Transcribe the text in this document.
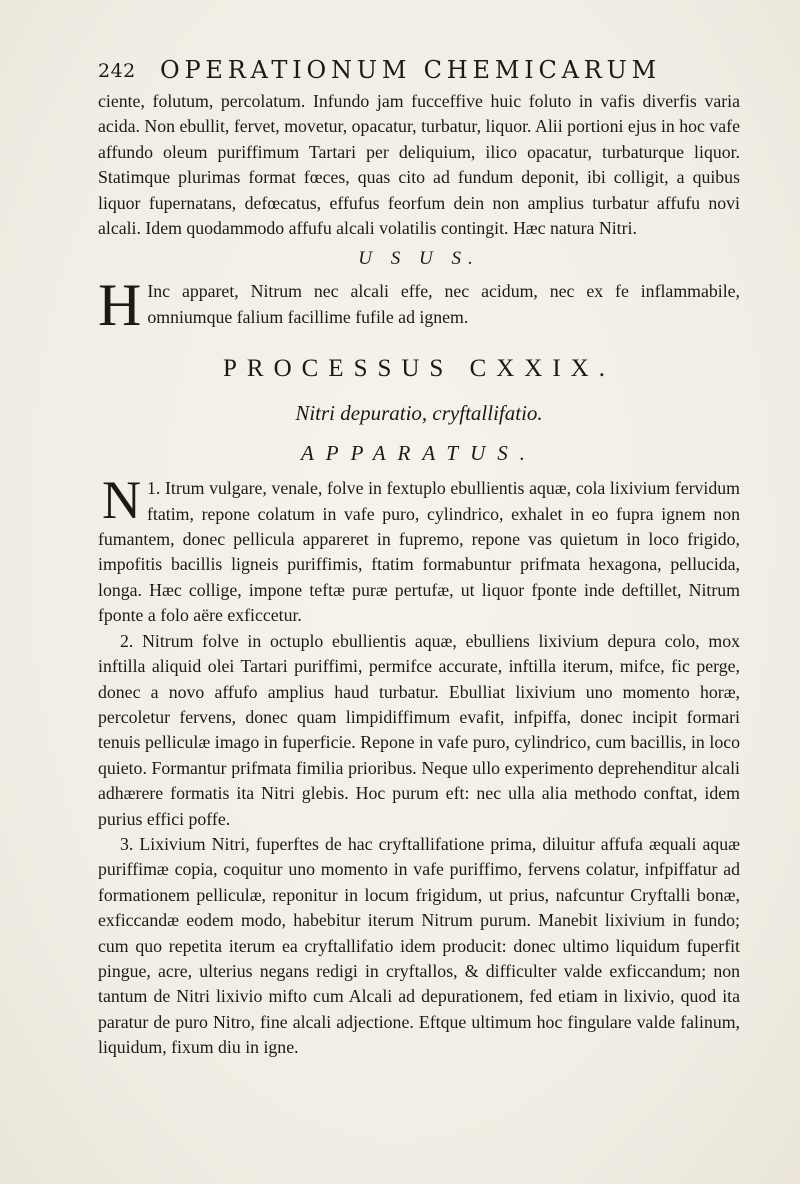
242 OPERATIONUM CHEMICARUM

ciente, folutum, percolatum. Infundo jam fucceffive huic foluto in vafis diverfis varia acida. Non ebullit, fervet, movetur, opacatur, turbatur, liquor. Alii portioni ejus in hoc vafe affundo oleum puriffimum Tartari per deliquium, ilico opacatur, turbaturque liquor. Statimque plurimas format fœces, quas cito ad fundum deponit, ibi colligit, a quibus liquor fupernatans, defœcatus, effufus feorfum dein non amplius turbatur affufu novi alcali. Idem quodammodo affufu alcali volatilis contingit. Hæc natura Nitri.

U S U S.

H Inc apparet, Nitrum nec alcali effe, nec acidum, nec ex fe inflammabile, omniumque falium facillime fufile ad ignem.

PROCESSUS CXXIX.
Nitri depuratio, cryftallifatio.
APPARATUS.

1.
N Itrum vulgare, venale, folve in fextuplo ebullientis aquæ, cola lixivium fervidum ftatim, repone colatum in vafe puro, cylindrico, exhalet in eo fupra ignem non fumantem, donec pellicula appareret in fupremo, repone vas quietum in loco frigido, impofitis bacillis ligneis puriffimis, ftatim formabuntur prifmata hexagona, pellucida, longa. Hæc collige, impone teftæ puræ pertufæ, ut liquor fponte inde deftillet, Nitrum fponte a folo aëre exficcetur.

2. Nitrum folve in octuplo ebullientis aquæ, ebulliens lixivium depura colo, mox inftilla aliquid olei Tartari puriffimi, permifce accurate, inftilla iterum, mifce, fic perge, donec a novo affufo amplius haud turbatur. Ebulliat lixivium uno momento horæ, percoletur fervens, donec quam limpidiffimum evafit, infpiffa, donec incipit formari tenuis pelliculæ imago in fuperficie. Repone in vafe puro, cylindrico, cum bacillis, in loco quieto. Formantur prifmata fimilia prioribus. Neque ullo experimento deprehenditur alcali adhærere formatis ita Nitri glebis. Hoc purum eft: nec ulla alia methodo conftat, idem purius effici poffe.

3. Lixivium Nitri, fuperftes de hac cryftallifatione prima, diluitur affufa æquali aquæ puriffimæ copia, coquitur uno momento in vafe puriffimo, fervens colatur, infpiffatur ad formationem pelliculæ, reponitur in locum frigidum, ut prius, nafcuntur Cryftalli bonæ, exficcandæ eodem modo, habebitur iterum Nitrum purum. Manebit lixivium in fundo; cum quo repetita iterum ea cryftallifatio idem producit: donec ultimo liquidum fuperfit pingue, acre, ulterius negans redigi in cryftallos, & difficulter valde exficcandum; non tantum de Nitri lixivio mifto cum Alcali ad depurationem, fed etiam in lixivio, quod ita paratur de puro Nitro, fine alcali adjectione. Eftque ultimum hoc fingulare valde falinum, liquidum, fixum diu in igne.
